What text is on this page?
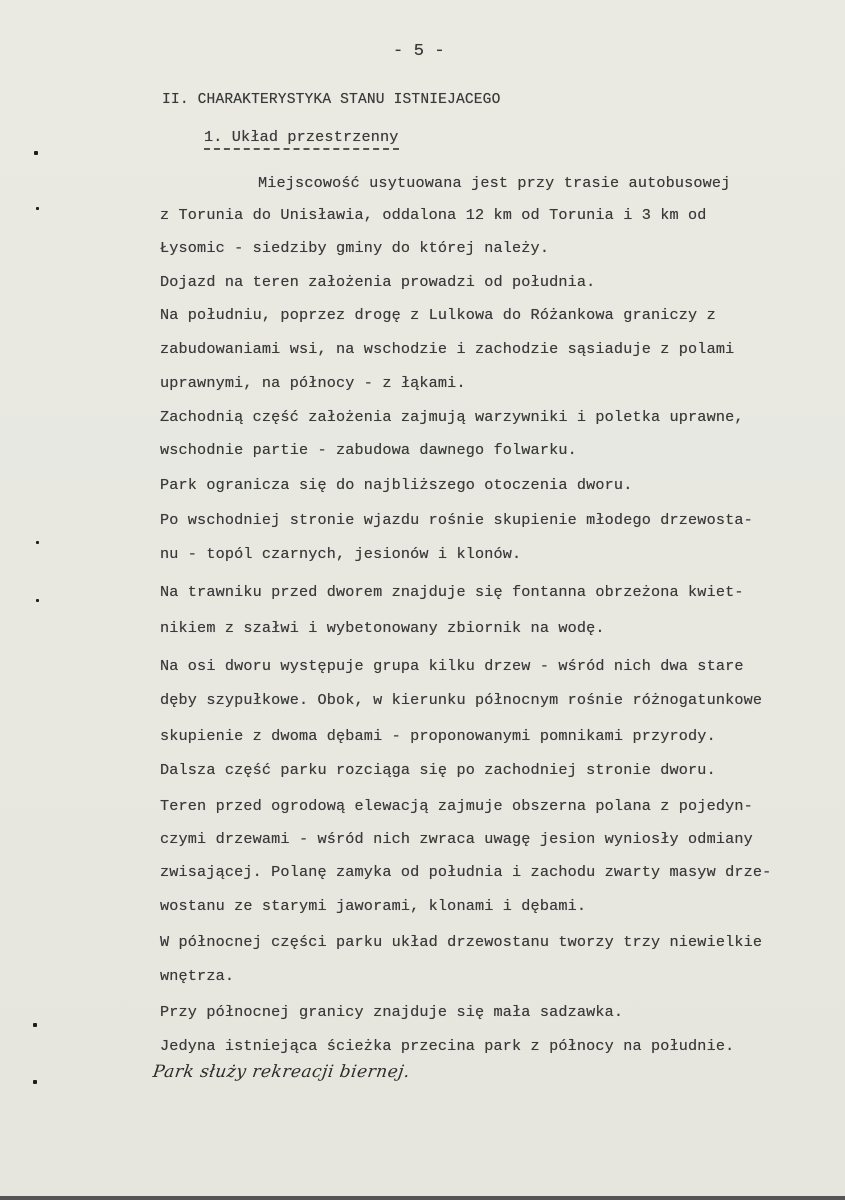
- 5 -
II. CHARAKTERYSTYKA STANU ISTNIEJACEGO
1. Układ przestrzenny
Miejscowość usytuowana jest przy trasie autobusowej
z Torunia do Unisławia, oddalona 12 km od Torunia i 3 km od
Łysomic - siedziby gminy do której należy.
Dojazd na teren założenia prowadzi od południa.
Na południu, poprzez drogę z Lulkowa do Różankowa graniczy z
zabudowaniami wsi, na wschodzie i zachodzie sąsiaduje z polami
uprawnymi, na północy - z łąkami.
Zachodnią część założenia zajmują warzywniki i poletka uprawne,
wschodnie partie - zabudowa dawnego folwarku.
Park ogranicza się do najbliższego otoczenia dworu.
Po wschodniej stronie wjazdu rośnie skupienie młodego drzewosta-
nu - topól czarnych, jesionów i klonów.
Na trawniku przed dworem znajduje się fontanna obrzeżona kwiet-
nikiem z szałwi i wybetonowany zbiornik na wodę.
Na osi dworu występuje grupa kilku drzew - wśród nich dwa stare
dęby szypułkowe. Obok, w kierunku północnym rośnie różnogatunkowe
skupienie z dwoma dębami - proponowanymi pomnikami przyrody.
Dalsza część parku rozciąga się po zachodniej stronie dworu.
Teren przed ogrodową elewacją zajmuje obszerna polana z pojedyn-
czymi drzewami - wśród nich zwraca uwagę jesion wyniosły odmiany
zwisającej. Polanę zamyka od południa i zachodu zwarty masyw drze-
wostanu ze starymi jaworami, klonami i dębami.
W północnej części parku układ drzewostanu tworzy trzy niewielkie
wnętrza.
Przy północnej granicy znajduje się mała sadzawka.
Jedyna istniejąca ścieżka przecina park z północy na południe.
Park służy rekreacji biernej.
